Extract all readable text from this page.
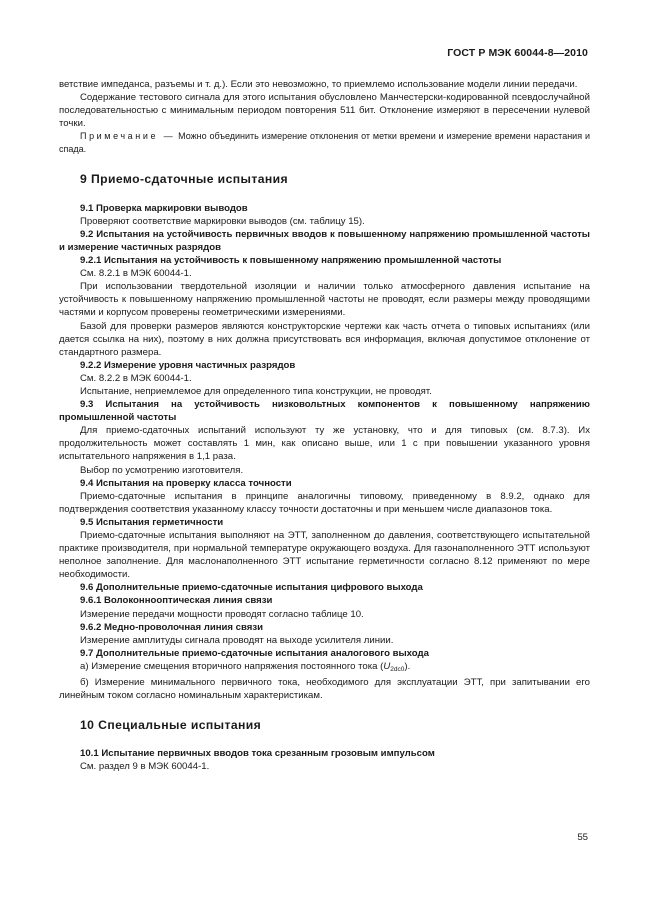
ГОСТ Р МЭК 60044-8—2010

ветствие импеданса, разъемы и т. д.). Если это невозможно, то приемлемо использование модели линии передачи.

Содержание тестового сигнала для этого испытания обусловлено Манчестерски-кодированной псевдослучайной последовательностью с минимальным периодом повторения 511 бит. Отклонение измеряют в пересечении нулевой точки.

Примечание — Можно объединить измерение отклонения от метки времени и измерение времени нарастания и спада.

9 Приемо-сдаточные испытания

9.1 Проверка маркировки выводов

Проверяют соответствие маркировки выводов (см. таблицу 15).

9.2 Испытания на устойчивость первичных вводов к повышенному напряжению промышленной частоты и измерение частичных разрядов

9.2.1 Испытания на устойчивость к повышенному напряжению промышленной частоты

См. 8.2.1 в МЭК 60044-1.

При использовании твердотельной изоляции и наличии только атмосферного давления испытание на устойчивость к повышенному напряжению промышленной частоты не проводят, если размеры между проводящими частями и корпусом проверены геометрическими измерениями.

Базой для проверки размеров являются конструкторские чертежи как часть отчета о типовых испытаниях (или дается ссылка на них), поэтому в них должна присутствовать вся информация, включая допустимое отклонение от стандартного размера.

9.2.2 Измерение уровня частичных разрядов

См. 8.2.2 в МЭК 60044-1.

Испытание, неприемлемое для определенного типа конструкции, не проводят.

9.3 Испытания на устойчивость низковольтных компонентов к повышенному напряжению промышленной частоты

Для приемо-сдаточных испытаний используют ту же установку, что и для типовых (см. 8.7.3). Их продолжительность может составлять 1 мин, как описано выше, или 1 с при повышении указанного уровня испытательного напряжения в 1,1 раза.

Выбор по усмотрению изготовителя.

9.4 Испытания на проверку класса точности

Приемо-сдаточные испытания в принципе аналогичны типовому, приведенному в 8.9.2, однако для подтверждения соответствия указанному классу точности достаточны и при меньшем числе диапазонов тока.

9.5 Испытания герметичности

Приемо-сдаточные испытания выполняют на ЭТТ, заполненном до давления, соответствующего испытательной практике производителя, при нормальной температуре окружающего воздуха. Для газонаполненного ЭТТ используют неполное заполнение. Для маслонаполненного ЭТТ испытание герметичности согласно 8.12 применяют по мере необходимости.

9.6 Дополнительные приемо-сдаточные испытания цифрового выхода

9.6.1 Волоконнооптическая линия связи

Измерение передачи мощности проводят согласно таблице 10.

9.6.2 Медно-проволочная линия связи

Измерение амплитуды сигнала проводят на выходе усилителя линии.

9.7 Дополнительные приемо-сдаточные испытания аналогового выхода

а) Измерение смещения вторичного напряжения постоянного тока $(U_{2dc0})$.

б) Измерение минимального первичного тока, необходимого для эксплуатации ЭТТ, при запитывании его линейным током согласно номинальным характеристикам.

10 Специальные испытания

10.1 Испытание первичных вводов тока срезанным грозовым импульсом

См. раздел 9 в МЭК 60044-1.

55
